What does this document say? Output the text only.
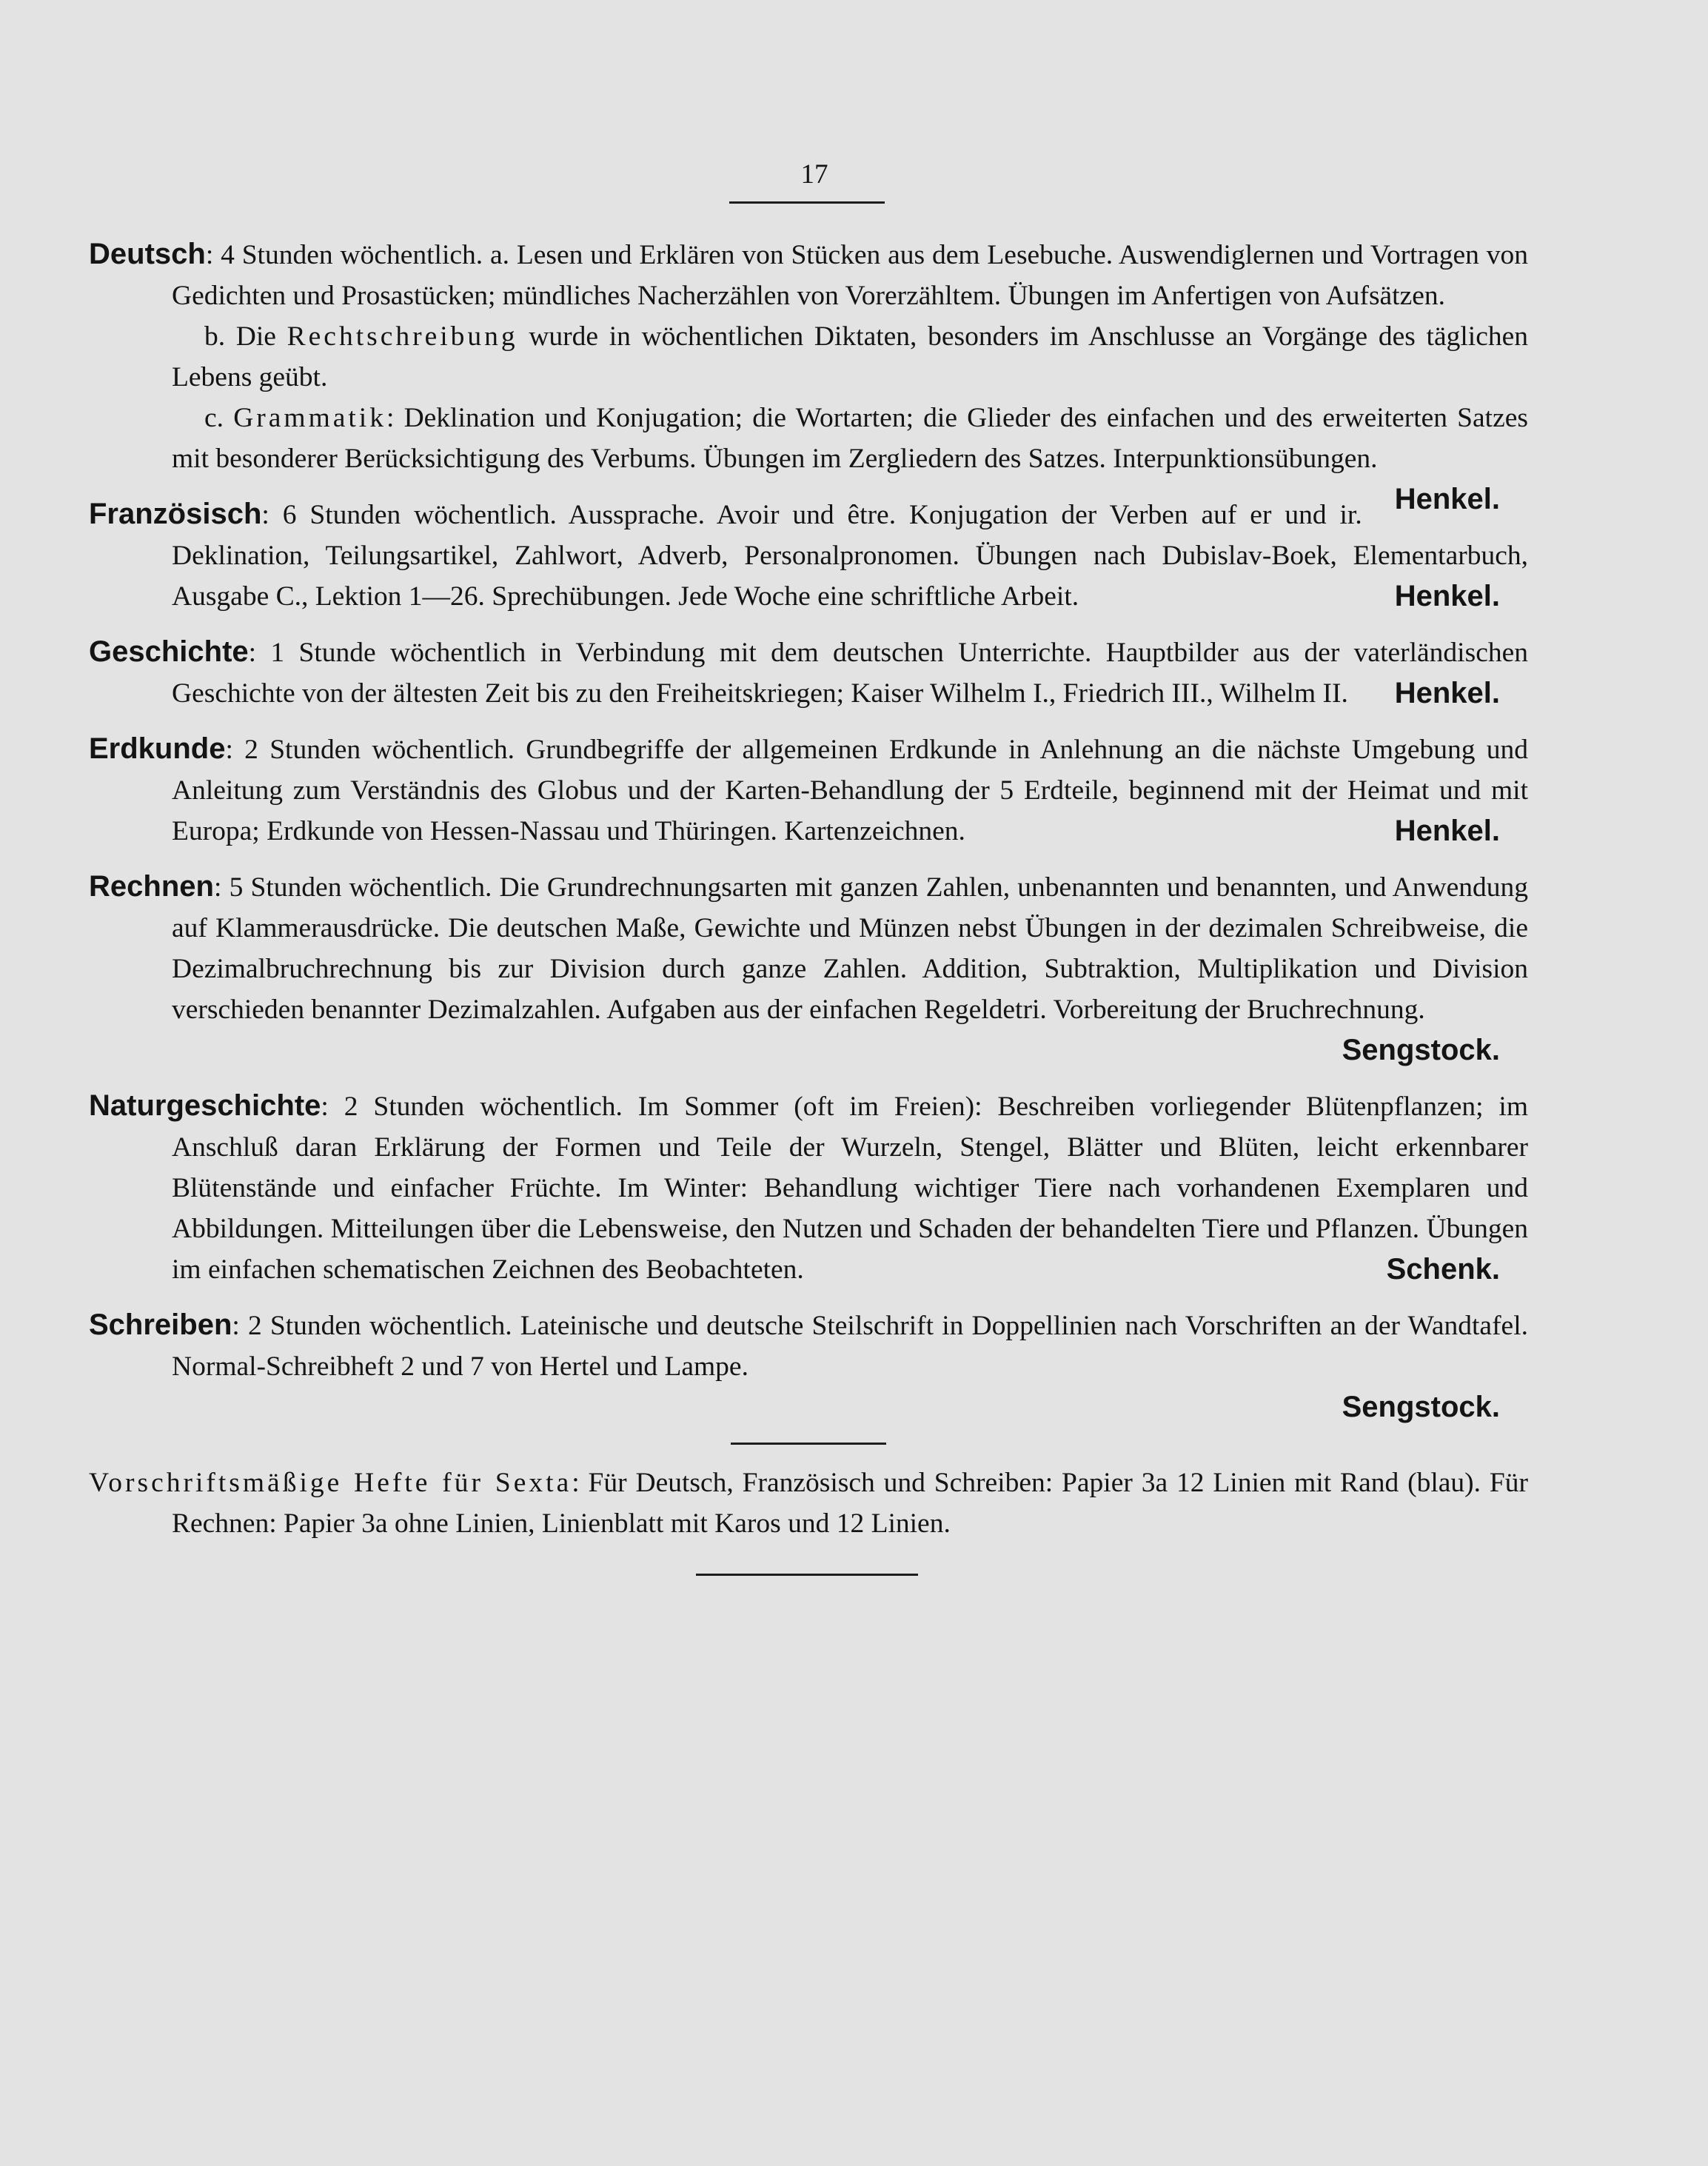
17

Deutsch: 4 Stunden wöchentlich. a. Lesen und Erklären von Stücken aus dem Lesebuche. Auswendiglernen und Vortragen von Gedichten und Prosastücken; mündliches Nacherzählen von Vorerzähltem. Übungen im Anfertigen von Aufsätzen.

b. Die Rechtschreibung wurde in wöchentlichen Diktaten, besonders im Anschlusse an Vorgänge des täglichen Lebens geübt.

c. Grammatik: Deklination und Konjugation; die Wortarten; die Glieder des einfachen und des erweiterten Satzes mit besonderer Berücksichtigung des Verbums. Übungen im Zergliedern des Satzes. Interpunktionsübungen.
Henkel.

Französisch: 6 Stunden wöchentlich. Aussprache. Avoir und être. Konjugation der Verben auf er und ir. Deklination, Teilungsartikel, Zahlwort, Adverb, Personalpronomen. Übungen nach Dubislav-Boek, Elementarbuch, Ausgabe C., Lektion 1—26. Sprechübungen. Jede Woche eine schriftliche Arbeit.	Henkel.

Geschichte: 1 Stunde wöchentlich in Verbindung mit dem deutschen Unterrichte. Hauptbilder aus der vaterländischen Geschichte von der ältesten Zeit bis zu den Freiheitskriegen; Kaiser Wilhelm I., Friedrich III., Wilhelm II. Henkel.

Erdkunde: 2 Stunden wöchentlich. Grundbegriffe der allgemeinen Erdkunde in Anlehnung an die nächste Umgebung und Anleitung zum Verständnis des Globus und der Karten-Behandlung der 5 Erdteile, beginnend mit der Heimat und mit Europa; Erdkunde von Hessen-Nassau und Thüringen. Kartenzeichnen.	Henkel.

Rechnen: 5 Stunden wöchentlich. Die Grundrechnungsarten mit ganzen Zahlen, unbenannten und benannten, und Anwendung auf Klammerausdrücke. Die deutschen Maße, Gewichte und Münzen nebst Übungen in der dezimalen Schreibweise, die Dezimalbruchrechnung bis zur Division durch ganze Zahlen. Addition, Subtraktion, Multiplikation und Division verschieden benannter Dezimalzahlen. Aufgaben aus der einfachen Regeldetri. Vorbereitung der Bruchrechnung.

Sengstock.

Naturgeschichte: 2 Stunden wöchentlich. Im Sommer (oft im Freien): Beschreiben vorliegender Blütenpflanzen; im Anschluß daran Erklärung der Formen und Teile der Wurzeln, Stengel, Blätter und Blüten, leicht erkennbarer Blütenstände und einfacher Früchte. Im Winter: Behandlung wichtiger Tiere nach vorhandenen Exemplaren und Abbildungen. Mitteilungen über die Lebensweise, den Nutzen und Schaden der behandelten Tiere und Pflanzen. Übungen im einfachen schematischen Zeichnen des Beobachteten.	Schenk.

Schreiben: 2 Stunden wöchentlich. Lateinische und deutsche Steilschrift in Doppellinien nach Vorschriften an der Wandtafel. Normal-Schreibheft 2 und 7 von Hertel und Lampe.

Sengstock.

Vorschriftsmäßige Hefte für Sexta: Für Deutsch, Französisch und Schreiben: Papier 3a 12 Linien mit Rand (blau). Für Rechnen: Papier 3a ohne Linien, Linienblatt mit Karos und 12 Linien.
